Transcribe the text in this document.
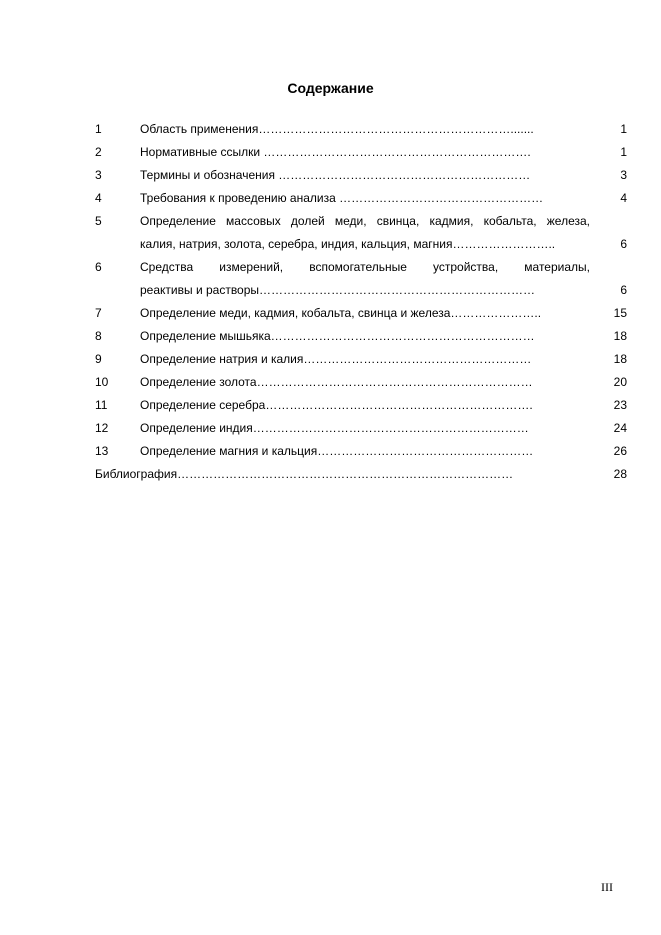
Содержание
1	Область применения……………………………………………………….......	1
2	Нормативные ссылки ………………………………………………………….	1
3	Термины и обозначения ………………………………………………………	3
4	Требования к проведению анализа ……………………………………………	4
5	Определение массовых долей меди, свинца, кадмия, кобальта, железа,
калия, натрия, золота, серебра, индия, кальция, магния……………………..	6
6	Средства измерений, вспомогательные устройства, материалы,
реактивы и растворы……………………………………………………………	6
7	Определение меди, кадмия, кобальта, свинца и железа…………………..	15
8	Определение мышьяка…………………………………………………………	18
9	Определение натрия и калия…………………………………………………	18
10	Определение золота……………………………………………………………	20
11	Определение серебра………………………………………………………….	23
12	Определение индия……………………………………………………………	24
13	Определение магния и кальция………………………………………………	26
Библиография…………………………………………………………………………	28
III
